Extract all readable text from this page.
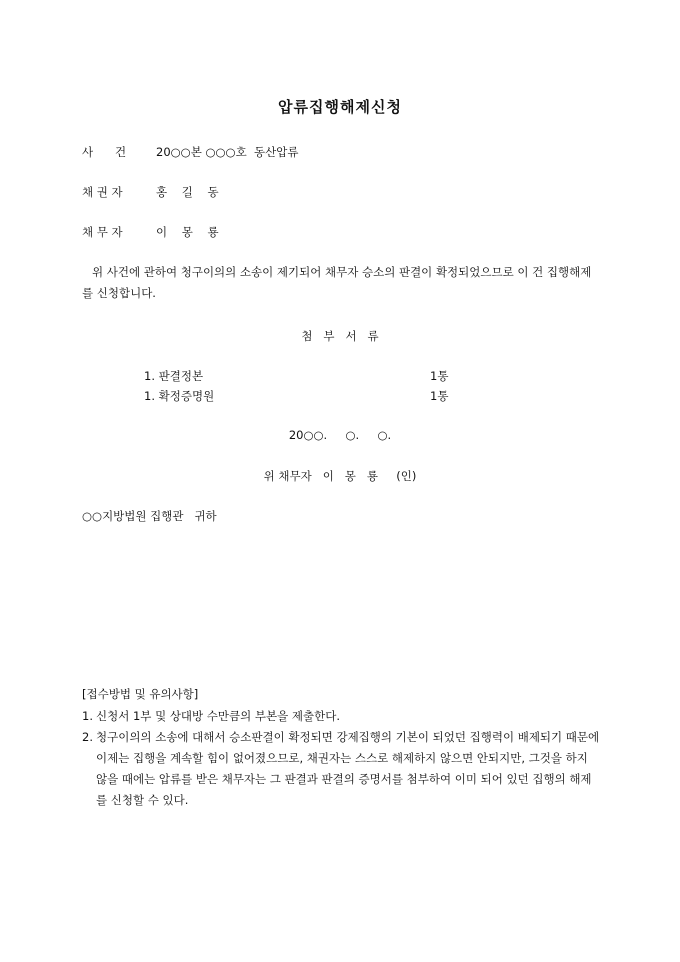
압류집행해제신청
사      건	20○○본 ○○○호  동산압류
채 권 자	홍    길    동
채 무 자	이    몽    룡
위 사건에 관하여 청구이의의 소송이 제기되어 채무자 승소의 판결이 확정되었으므로 이 건 집행해제를 신청합니다.
첨   부   서   류
1. 판결정본	1통
1. 확정증명원	1통
20○○.     ○.     ○.
위 채무자   이   몽   룡     (인)
○○지방법원 집행관   귀하
[접수방법 및 유의사항]
1. 신청서 1부 및 상대방 수만큼의 부본을 제출한다.
2. 청구이의의 소송에 대해서 승소판결이 확정되면 강제집행의 기본이 되었던 집행력이 배제되기 때문에 이제는 집행을 계속할 힘이 없어졌으므로, 채권자는 스스로 해제하지 않으면 안되지만, 그것을 하지 않을 때에는 압류를 받은 채무자는 그 판결과 판결의 증명서를 첨부하여 이미 되어 있던 집행의 해제를 신청할 수 있다.
